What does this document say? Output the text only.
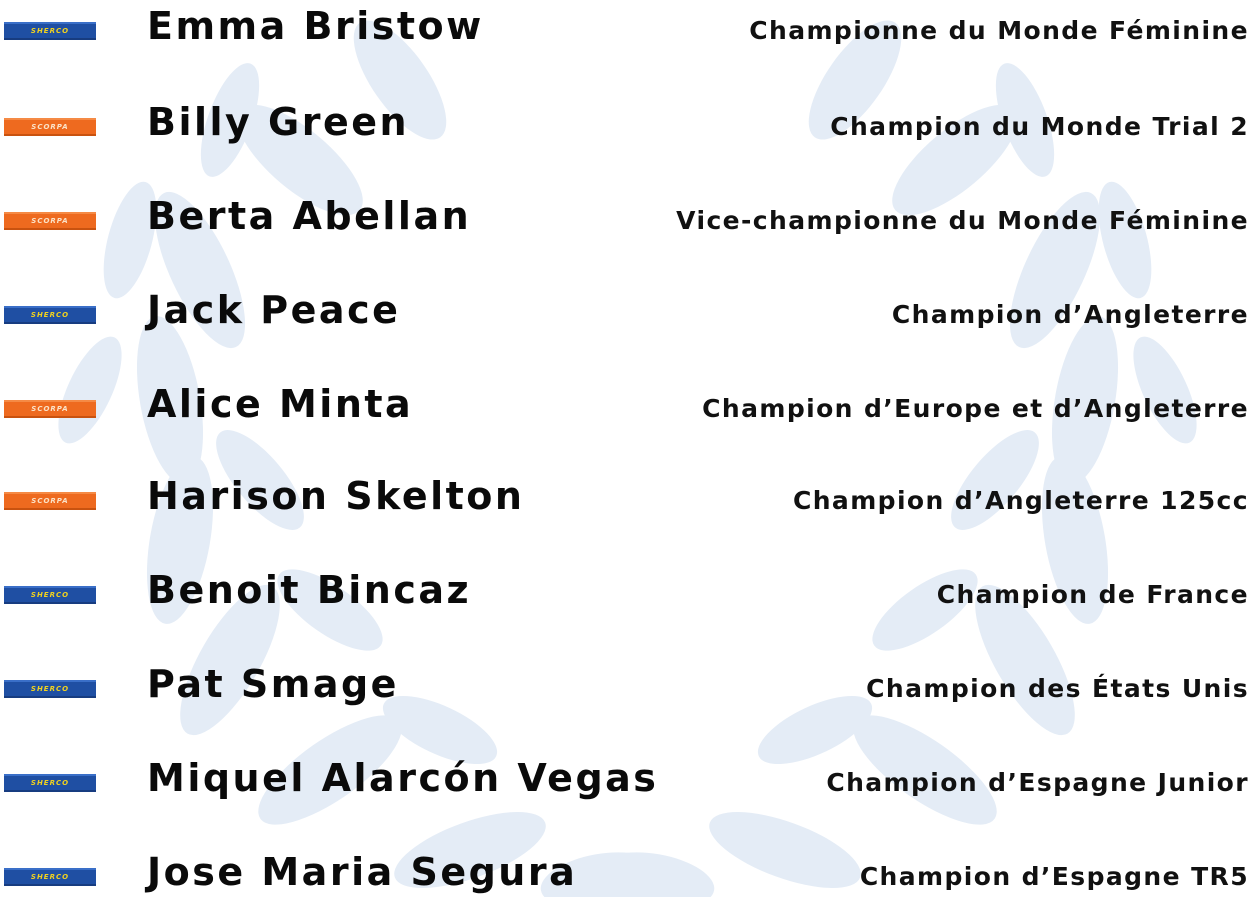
SHERCO	Emma Bristow	Championne du Monde Féminine
SCORPA	Billy Green	Champion du Monde Trial 2
SCORPA	Berta Abellan	Vice-championne du Monde Féminine
SHERCO	Jack Peace	Champion d’Angleterre
SCORPA	Alice Minta	Champion d’Europe et d’Angleterre
SCORPA	Harison Skelton	Champion d’Angleterre 125cc
SHERCO	Benoit Bincaz	Champion de France
SHERCO	Pat Smage	Champion des États Unis
SHERCO	Miquel Alarcón Vegas	Champion d’Espagne Junior
SHERCO	Jose Maria Segura	Champion d’Espagne TR5
